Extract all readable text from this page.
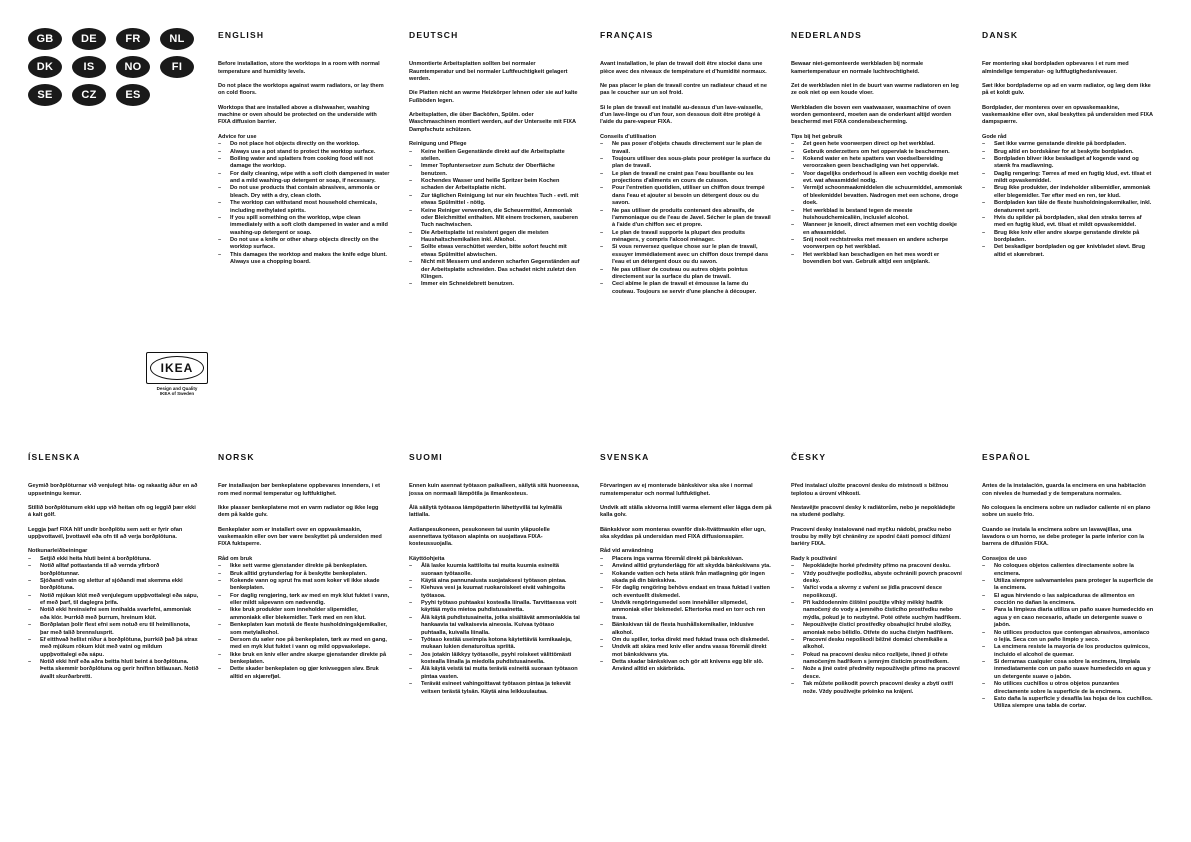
GB	DE	FR	NL
DK	IS	NO	FI
SE	CZ	ES
IKEA
Design and Quality
IKEA of Sweden
ENGLISH

Before installation, store the worktops in a room with normal temperature and humidity levels.

Do not place the worktops against warm radiators, or lay them on cold floors.

Worktops that are installed above a dishwasher, washing machine or oven should be protected on the underside with FIXA diffusion barrier.

Advice for use
– Do not place hot objects directly on the worktop.
– Always use a pot stand to protect the worktop surface.
– Boiling water and splatters from cooking food will not damage the worktop.
– For daily cleaning, wipe with a soft cloth dampened in water and a mild washing-up detergent or soap, if necessary.
– Do not use products that contain abrasives, ammonia or bleach. Dry with a dry, clean cloth.
– The worktop can withstand most household chemicals, including methylated spirits.
– If you spill something on the worktop, wipe clean immediately with a soft cloth dampened in water and a mild washing-up detergent or soap.
– Do not use a knife or other sharp objects directly on the worktop surface.
– This damages the worktop and makes the knife edge blunt. Always use a chopping board.
DEUTSCH

Unmontierte Arbeitsplatten sollten bei normaler Raumtemperatur und bei normaler Luftfeuchtigkeit gelagert werden.

Die Platten nicht an warme Heizkörper lehnen oder sie auf kalte Fußböden legen.

Arbeitsplatten, die über Backöfen, Spülm. oder Waschmaschinen montiert werden, auf der Unterseite mit FIXA Dampfschutz schützen.

Reinigung und Pflege
– Keine heißen Gegenstände direkt auf die Arbeitsplatte stellen.
– Immer Topfuntersetzer zum Schutz der Oberfläche benutzen.
– Kochendes Wasser und heiße Spritzer beim Kochen schaden der Arbeitsplatte nicht.
– Zur täglichen Reinigung ist nur ein feuchtes Tuch - evtl. mit etwas Spülmittel - nötig.
– Keine Reiniger verwenden, die Scheuermittel, Ammoniak oder Bleichmittel enthalten. Mit einem trockenen, sauberen Tuch nachwischen.
– Die Arbeitsplatte ist resistent gegen die meisten Haushaltschemikalien inkl. Alkohol.
– Sollte etwas verschüttet werden, bitte sofort feucht mit etwas Spülmittel abwischen.
– Nicht mit Messern und anderen scharfen Gegenständen auf der Arbeitsplatte schneiden. Das schadet nicht zuletzt den Klingen.
– Immer ein Schneidebrett benutzen.
FRANÇAIS

Avant installation, le plan de travail doit être stocké dans une pièce avec des niveaux de température et d'humidité normaux.

Ne pas placer le plan de travail contre un radiateur chaud et ne pas le coucher sur un sol froid.

Si le plan de travail est installé au-dessus d'un lave-vaisselle, d'un lave-linge ou d'un four, son dessous doit être protégé à l'aide du pare-vapeur FIXA.

Conseils d'utilisation
– Ne pas poser d'objets chauds directement sur le plan de travail.
– Toujours utiliser des sous-plats pour protéger la surface du plan de travail.
– Le plan de travail ne craint pas l'eau bouillante ou les projections d'aliments en cours de cuisson.
– Pour l'entretien quotidien, utiliser un chiffon doux trempé dans l'eau et ajouter si besoin un détergent doux ou du savon.
– Ne pas utiliser de produits contenant des abrasifs, de l'ammoniaque ou de l'eau de Javel. Sécher le plan de travail à l'aide d'un chiffon sec et propre.
– Le plan de travail supporte la plupart des produits ménagers, y compris l'alcool ménager.
– Si vous renversez quelque chose sur le plan de travail, essuyer immédiatement avec un chiffon doux trempé dans l'eau et un détergent doux ou du savon.
– Ne pas utiliser de couteau ou autres objets pointus directement sur la surface du plan de travail.
– Ceci abîme le plan de travail et émousse la lame du couteau. Toujours se servir d'une planche à découper.
NEDERLANDS

Bewaar niet-gemonteerde werkbladen bij normale kamertemperatuur en normale luchtvochtigheid.

Zet de werkbladen niet in de buurt van warme radiatoren en leg ze ook niet op een koude vloer.

Werkbladen die boven een vaatwasser, wasmachine of oven worden gemonteerd, moeten aan de onderkant altijd worden beschermd met FIXA condensbescherming.

Tips bij het gebruik
– Zet geen hete voorwerpen direct op het werkblad.
– Gebruik onderzetters om het oppervlak te beschermen.
– Kokend water en hete spatters van voedselbereiding veroorzaken geen beschadiging van het oppervlak.
– Voor dagelijks onderhoud is alleen een vochtig doekje met evt. wat afwasmiddel nodig.
– Vermijd schoonmaakmiddelen die schuurmiddel, ammoniak of bleekmiddel bevatten. Nadrogen met een schone, droge doek.
– Het werkblad is bestand tegen de meeste huishoudchemicaliën, inclusief alcohol.
– Wanneer je knoeit, direct afnemen met een vochtig doekje en afwasmiddel.
– Snij nooit rechtstreeks met messen en andere scherpe voorwerpen op het werkblad.
– Het werkblad kan beschadigen en het mes wordt er bovendien bot van. Gebruik altijd een snijplank.
DANSK

Før montering skal bordpladen opbevares i et rum med almindelige temperatur- og luftfugtighedsniveauer.

Sæt ikke bordpladerne op ad en varm radiator, og læg dem ikke på et koldt gulv.

Bordplader, der monteres over en opvaskemaskine, vaskemaskine eller ovn, skal beskyttes på undersiden med FIXA dampspærre.

Gode råd
– Sæt ikke varme genstande direkte på bordpladen.
– Brug altid en bordskåner for at beskytte bordpladen.
– Bordpladen bliver ikke beskadiget af kogende vand og stænk fra madlavning.
– Daglig rengøring: Tørres af med en fugtig klud, evt. tilsat et mildt opvaskemiddel.
– Brug ikke produkter, der indeholder slibemidler, ammoniak eller blegemidler. Tør efter med en ren, tør klud.
– Bordpladen kan tåle de fleste husholdningskemikalier, inkl. denatureret sprit.
– Hvis du spilder på bordpladen, skal den straks tørres af med en fugtig klud, evt. tilsat et mildt opvaskemiddel.
– Brug ikke kniv eller andre skarpe genstande direkte på bordpladen.
– Det beskadiger bordpladen og gør knivbladet sløvt. Brug altid et skærebræt.
ÍSLENSKA

Geymið borðplöturnar við venjulegt hita- og rakastig áður en að uppsetningu kemur.

Stillið borðplötunum ekki upp við heitan ofn og leggið þær ekki á kalt gólf.

Leggja þarf FIXA hlíf undir borðplötu sem sett er fyrir ofan uppþvottavél, þvottavél eða ofn til að verja borðplötuna.

Notkunarleiðbeiningar
– Setjið ekki heita hluti beint á borðplötuna.
– Notið alltaf pottastanda til að vernda yfirborð borðplötunnar.
– Sjóðandi vatn og slettur af sjóðandi mat skemma ekki borðplötuna.
– Notið mjúkan klút með venjulegum uppþvottalegi eða sápu, ef með þarf, til daglegra þrifa.
– Notið ekki hreinsiefni sem innihalda svarfefni, ammoníak eða klór. Þurrkið með þurrum, hreinum klút.
– Borðplatan þolir flest efni sem notuð eru til heimilisnota, þar með talið brennslusprit.
– Ef eitthvað hellist niður á borðplötuna, þurrkið það þá strax með mjúkum rökum klút með vatni og mildum uppþvottalegi eða sápu.
– Notið ekki hníf eða aðra beitta hluti beint á borðplötuna. Þetta skemmir borðplötuna og gerir hnífinn bitlausan. Notið ávallt skurðarbretti.
NORSK

Før installasjon bør benkeplatene oppbevares innendørs, i et rom med normal temperatur og luftfuktighet.

Ikke plasser benkeplatene mot en varm radiator og ikke legg dem på kalde gulv.

Benkeplater som er installert over en oppvaskmaskin, vaskemaskin eller ovn bør være beskyttet på undersiden med FIXA fuktsperre.

Råd om bruk
– Ikke sett varme gjenstander direkte på benkeplaten.
– Bruk alltid grytunderlag for å beskytte benkeplaten.
– Kokende vann og sprut fra mat som koker vil ikke skade benkeplaten.
– For daglig rengjøring, tørk av med en myk klut fuktet i vann, eller mildt såpevann om nødvendig.
– Ikke bruk produkter som inneholder slipemidler, ammoniakk eller blekemidler. Tørk med en ren klut.
– Benkeplaten kan motstå de fleste husholdningskjemikalier, som metylalkohol.
– Dersom du søler noe på benkeplaten, tørk av med en gang, med en myk klut fuktet i vann og mild oppvaskeløpe.
– Ikke bruk en kniv eller andre skarpe gjenstander direkte på benkeplaten.
– Dette skader benkeplaten og gjør knivseggen sløv. Bruk alltid en skjærefjøl.
SUOMI

Ennen kuin asennat työtason paikalleen, säilytä sitä huoneessa, jossa on normaali lämpötila ja ilmankosteus.

Älä säilytä työtasoa lämpöpatterin lähettyvillä tai kylmällä lattialla.

Astianpesukoneen, pesukoneen tai uunin yläpuolelle asennettava työtason alapinta on suojattava FIXA-kosteussuojalla.

Käyttöohjeita
– Älä laske kuumia kattiloita tai muita kuumia esineitä suoraan työtasolle.
– Käytä aina pannunalusta suojataksesi työtason pintaa.
– Kiehuva vesi ja kuumat ruokaroiskeet eivät vahingoita työtasoa.
– Pyyhi työtaso puhtaaksi kostealla liinalla. Tarvittaessa voit käyttää myös mietoa puhdistusainetta.
– Älä käytä puhdistusaineita, jotka sisältävät ammoniakkia tai hankaavia tai valkaisevia aineosia. Kuivaa työtaso puhtaalla, kuivalla liinalla.
– Työtaso kestää useimpia kotona käytettäviä kemikaaleja, mukaan lukien denaturoitua spriitä.
– Jos jotakin läikkyy työtasolle, pyyhi roiskeet välittömästi kostealla liinalla ja miedolla puhdistusaineella.
– Älä käytä veistä tai muita teräviä esineitä suoraan työtason pintaa vasten.
– Terävät esineet vahingoittavat työtason pintaa ja tekevät veitsen terästä tylsän. Käytä aina leikkuulautaa.
SVENSKA

Förvaringen av ej monterade bänkskivor ska ske i normal rumstemperatur och normal luftfuktighet.

Undvik att ställa skivorna intill varma element eller lägga dem på kalla golv.

Bänkskivor som monteras ovanför disk-/tvättmaskin eller ugn, ska skyddas på undersidan med FIXA diffusionsspärr.

Råd vid användning
– Placera inga varma föremål direkt på bänkskivan.
– Använd alltid grytunderlägg för att skydda bänkskivans yta.
– Kokande vatten och heta stänk från matlagning gör ingen skada på din bänkskiva.
– För daglig rengöring behövs endast en trasa fuktad i vatten och eventuellt diskmedel.
– Undvik rengöringsmedel som innehåller slipmedel, ammoniak eller blekmedel. Eftertorka med en torr och ren trasa.
– Bänkskivan tål de flesta hushållskemikalier, inklusive alkohol.
– Om du spiller, torka direkt med fuktad trasa och diskmedel.
– Undvik att skära med kniv eller andra vassa föremål direkt mot bänkskivans yta.
– Detta skadar bänkskivan och gör att knivens egg blir slö. Använd alltid en skärbräda.
ČESKY

Před instalací uložte pracovní desku do místnosti s běžnou teplotou a úrovní vlhkosti.

Nestavějte pracovní desky k radiátorům, nebo je nepokládejte na studené podlahy.

Pracovní desky instalované nad myčku nádobí, pračku nebo troubu by měly být chráněny ze spodní části pomocí difúzní bariéry FIXA.

Rady k používání
– Nepokládejte horké předměty přímo na pracovní desku.
– Vždy používejte podložku, abyste ochránili povrch pracovní desky.
– Vařící voda a skvrny z vaření se jídla pracovní desce nepoškozují.
– Při každodenním čištění použijte vlhký měkký hadřík namočený do vody a jemného čisticího prostředku nebo mýdla, pokud je to nezbytné. Poté otřete suchým hadříkem.
– Nepoužívejte čisticí prostředky obsahující hrubé složky, amoniak nebo bělidlo. Otřete do sucha čistým hadříkem.
– Pracovní desku nepoškodí běžné domácí chemikálie a alkohol.
– Pokud na pracovní desku něco rozlijete, ihned ji otřete namočeným hadříkem s jemným čisticím prostředkem.
– Nože a jiné ostré předměty nepoužívejte přímo na pracovní desce.
– Tak můžete poškodit povrch pracovní desky a zbytí ostří nože. Vždy používejte prkénko na krájení.
ESPAÑOL

Antes de la instalación, guarda la encimera en una habitación con niveles de humedad y de temperatura normales.

No coloques la encimera sobre un radiador caliente ni en plano sobre un suelo frío.

Cuando se instala la encimera sobre un lavavajillas, una lavadora o un horno, se debe proteger la parte inferior con la barrera de difusión FIXA.

Consejos de uso
– No coloques objetos calientes directamente sobre la encimera.
– Utiliza siempre salvamanteles para proteger la superficie de la encimera.
– El agua hirviendo o las salpicaduras de alimentos en cocción no dañan la encimera.
– Para la limpieza diaria utiliza un paño suave humedecido en agua y en caso necesario, añade un detergente suave o jabón.
– No utilices productos que contengan abrasivos, amoníaco o lejía. Seca con un paño limpio y seco.
– La encimera resiste la mayoría de los productos químicos, incluido el alcohol de quemar.
– Si derramas cualquier cosa sobre la encimera, límpiala inmediatamente con un paño suave humedecido en agua y un detergente suave o jabón.
– No utilices cuchillos u otros objetos punzantes directamente sobre la superficie de la encimera.
– Esto daña la superficie y desafila las hojas de los cuchillos. Utiliza siempre una tabla de cortar.
